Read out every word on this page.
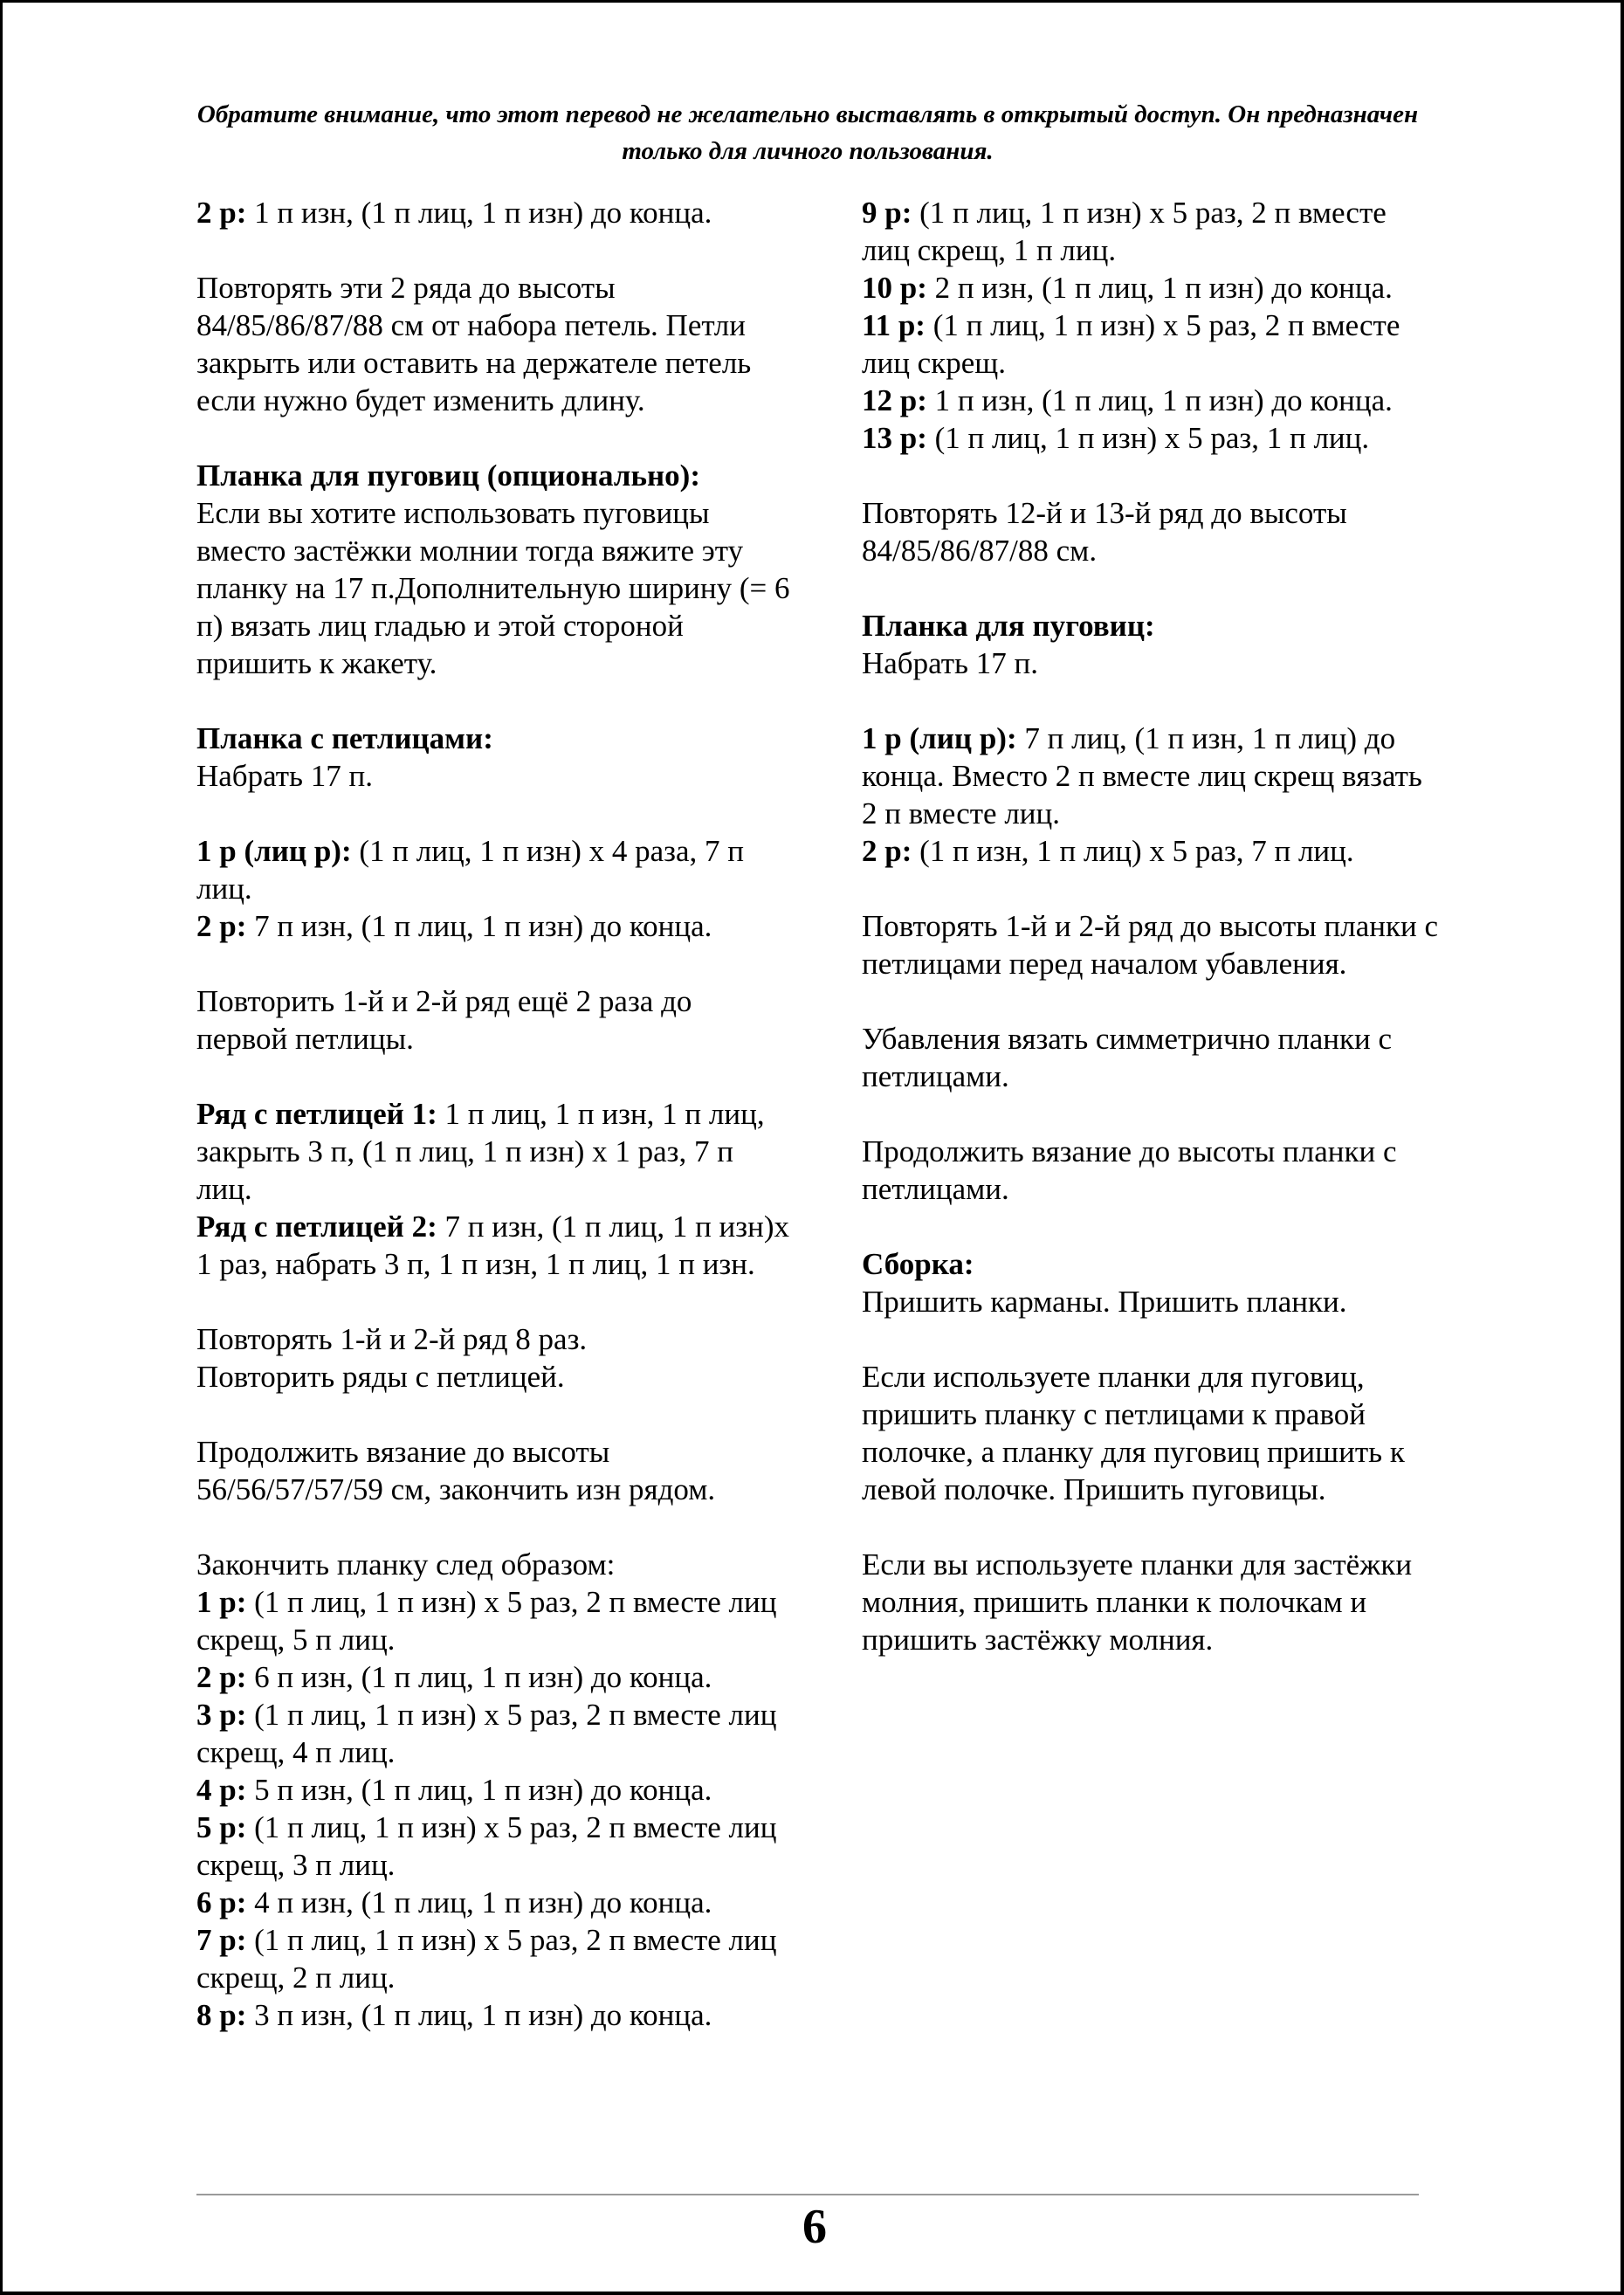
Обратите внимание, что этот перевод не желательно выставлять в открытый доступ. Он предназначен только для личного пользования.
2 р: 1 п изн, (1 п лиц, 1 п изн) до конца.
Повторять эти 2 ряда до высоты 84/85/86/87/88 см от набора петель. Петли закрыть или оставить на держателе петель если нужно будет изменить длину.
Планка для пуговиц (опционально):
Если вы хотите использовать пуговицы вместо застёжки молнии тогда вяжите эту планку на 17 п.Дополнительную ширину (= 6 п) вязать лиц гладью и этой стороной пришить к жакету.
Планка с петлицами:
Набрать 17 п.
1 р (лиц р): (1 п лиц, 1 п изн) х 4 раза, 7 п лиц.
2 р: 7 п изн, (1 п лиц, 1 п изн) до конца.
Повторить 1-й и 2-й ряд ещё 2 раза до первой петлицы.
Ряд с петлицей 1: 1 п лиц, 1 п изн, 1 п лиц, закрыть 3 п, (1 п лиц, 1 п изн) х 1 раз, 7 п лиц.
Ряд с петлицей 2: 7 п изн, (1 п лиц, 1 п изн)х 1 раз, набрать 3 п, 1 п изн, 1 п лиц, 1 п изн.
Повторять 1-й и 2-й ряд 8 раз.
Повторить ряды с петлицей.
Продолжить вязание до высоты 56/56/57/57/59 см, закончить изн рядом.
Закончить планку след образом:
1 р: (1 п лиц, 1 п изн) х 5 раз, 2 п вместе лиц скрещ, 5 п лиц.
2 р: 6 п изн, (1 п лиц, 1 п изн) до конца.
3 р: (1 п лиц, 1 п изн) х 5 раз, 2 п вместе лиц скрещ, 4 п лиц.
4 р: 5 п изн, (1 п лиц, 1 п изн) до конца.
5 р: (1 п лиц, 1 п изн) х 5 раз, 2 п вместе лиц скрещ, 3 п лиц.
6 р: 4 п изн, (1 п лиц, 1 п изн) до конца.
7 р: (1 п лиц, 1 п изн) х 5 раз, 2 п вместе лиц скрещ, 2 п лиц.
8 р: 3 п изн, (1 п лиц, 1 п изн) до конца.
9 р: (1 п лиц, 1 п изн) х 5 раз, 2 п вместе лиц скрещ, 1 п лиц.
10 р: 2 п изн, (1 п лиц, 1 п изн) до конца.
11 р: (1 п лиц, 1 п изн) х 5 раз, 2 п вместе лиц скрещ.
12 р: 1 п изн, (1 п лиц, 1 п изн) до конца.
13 р: (1 п лиц, 1 п изн) х 5 раз, 1 п лиц.
Повторять 12-й и 13-й ряд до высоты 84/85/86/87/88 см.
Планка для пуговиц:
Набрать 17 п.
1 р (лиц р): 7 п лиц, (1 п изн, 1 п лиц) до конца. Вместо 2 п вместе лиц скрещ вязать 2 п вместе лиц.
2 р: (1 п изн, 1 п лиц) х 5 раз, 7 п лиц.
Повторять 1-й и 2-й ряд до высоты планки с петлицами перед началом убавления.
Убавления вязать симметрично планки с петлицами.
Продолжить вязание до высоты планки с петлицами.
Сборка:
Пришить карманы. Пришить планки.
Если используете планки для пуговиц, пришить планку с петлицами к правой полочке, а планку для пуговиц пришить к левой полочке. Пришить пуговицы.
Если вы используете планки для застёжки молния, пришить планки к полочкам и пришить застёжку молния.
6
